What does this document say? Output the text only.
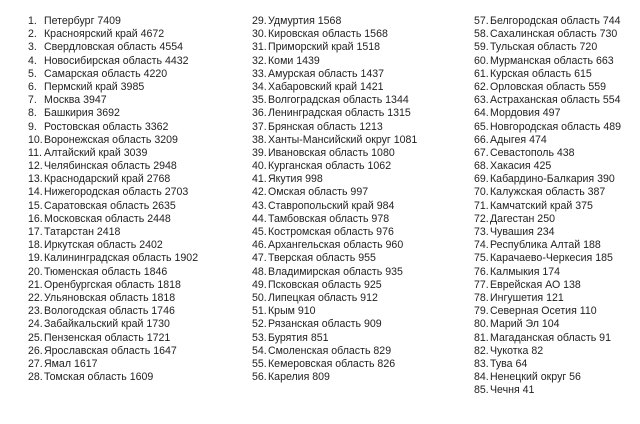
1. Петербург 7409
2. Красноярский край 4672
3. Свердловская область 4554
4. Новосибирская область 4432
5. Самарская область 4220
6. Пермский край 3985
7. Москва 3947
8. Башкирия 3692
9. Ростовская область 3362
10. Воронежская область 3209
11. Алтайский край 3039
12. Челябинская область 2948
13. Краснодарский край 2768
14. Нижегородская область 2703
15. Саратовская область 2635
16. Московская область 2448
17. Татарстан 2418
18. Иркутская область 2402
19. Калининградская область 1902
20. Тюменская область 1846
21. Оренбургская область 1818
22. Ульяновская область 1818
23. Вологодская область 1746
24. Забайкальский край 1730
25. Пензенская область 1721
26. Ярославская область 1647
27. Ямал 1617
28. Томская область 1609
29. Удмуртия 1568
30. Кировская область 1568
31. Приморский край 1518
32. Коми 1439
33. Амурская область 1437
34. Хабаровский край 1421
35. Волгоградская область 1344
36. Ленинградская область 1315
37. Брянская область 1213
38. Ханты-Мансийский округ 1081
39. Ивановская область 1080
40. Курганская область 1062
41. Якутия 998
42. Омская область 997
43. Ставропольский край 984
44. Тамбовская область 978
45. Костромская область 976
46. Архангельская область 960
47. Тверская область 955
48. Владимирская область 935
49. Псковская область 925
50. Липецкая область 912
51. Крым 910
52. Рязанская область 909
53. Бурятия 851
54. Смоленская область 829
55. Кемеровская область 826
56. Карелия 809
57. Белгородская область 744
58. Сахалинская область 730
59. Тульская область 720
60. Мурманская область 663
61. Курская область 615
62. Орловская область 559
63. Астраханская область 554
64. Мордовия 497
65. Новгородская область 489
66. Адыгея 474
67. Севастополь 438
68. Хакасия 425
69. Кабардино-Балкария 390
70. Калужская область 387
71. Камчатский край 375
72. Дагестан 250
73. Чувашия 234
74. Республика Алтай 188
75. Карачаево-Черкесия 185
76. Калмыкия 174
77. Еврейская АО 138
78. Ингушетия 121
79. Северная Осетия 110
80. Марий Эл 104
81. Магаданская область 91
82. Чукотка 82
83. Тува 64
84. Ненецкий округ 56
85. Чечня 41
